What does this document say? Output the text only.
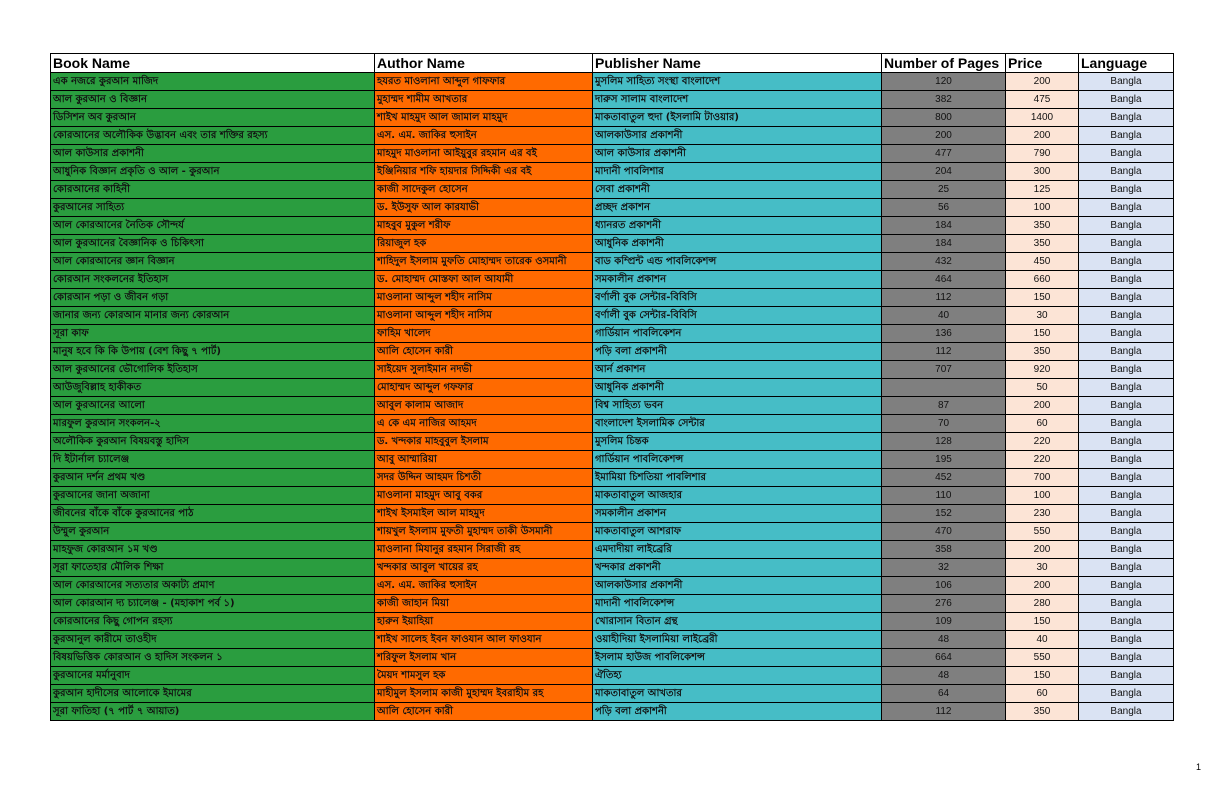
Book Name	Author Name	Publisher Name	Number of Pages	Price	Language
এক নজরে কুরআন মাজিদ	হযরত মাওলানা আব্দুল গাফফার	মুসলিম সাহিত্য সংস্থা বাংলাদেশ	120	200	Bangla
আল কুরআন ও বিজ্ঞান	মুহাম্মদ শামীম আখতার	দারুস সালাম বাংলাদেশ	382	475	Bangla
ডিসিশন অব কুরআন	শাইখ মাহমুদ আল জামাল মাহমুদ	মাকতাবাতুল হুদা (ইসলামি টাওয়ার)	800	1400	Bangla
কোরআনের অলৌকিক উদ্ভাবন এবং তার শক্তির রহস্য	এস. এম. জাকির হুসাইন	আলকাউসার প্রকাশনী	200	200	Bangla
আল কাউসার প্রকাশনী	মাহমুদ মাওলানা আইয়ুবুর রহমান এর বই	আল কাউসার প্রকাশনী	477	790	Bangla
আধুনিক বিজ্ঞান প্রকৃতি ও আল - কুরআন	ইঞ্জিনিয়ার শফি হায়দার সিদ্দিকী এর বই	মাদানী পাবলিশার	204	300	Bangla
কোরআনের কাহিনী	কাজী সাদেকুল হোসেন	সেবা প্রকাশনী	25	125	Bangla
কুরআনের সাহিত্য	ড. ইউসুফ আল কারযাভী	প্রচ্ছদ প্রকাশন	56	100	Bangla
আল কোরআনের নৈতিক সৌন্দর্য	মাহবুব মুকুল শরীফ	ধ্যানরত প্রকাশনী	184	350	Bangla
আল কুরআনের বৈজ্ঞানিক ও চিকিৎসা	রিয়াজুল হক	আধুনিক প্রকাশনী	184	350	Bangla
আল কোরআনের জ্ঞান বিজ্ঞান	শাহিদুল ইসলাম মুফতি মোহাম্মদ তারেক ওসমানী	বাড কম্প্রিন্ট এন্ড পাবলিকেশন্স	432	450	Bangla
কোরআন সংকলনের ইতিহাস	ড. মোহাম্মদ মোস্তফা আল আযামী	সমকালীন প্রকাশন	464	660	Bangla
কোরআন পড়া ও জীবন গড়া	মাওলানা আব্দুল শহীদ নাসিম	বর্ণালী বুক সেন্টার-বিবিসি	112	150	Bangla
জানার জন্য কোরআন মানার জন্য কোরআন	মাওলানা আব্দুল শহীদ নাসিম	বর্ণালী বুক সেন্টার-বিবিসি	40	30	Bangla
সূরা কাফ	ফাহিম খালেদ	গার্ডিয়ান পাবলিকেশন	136	150	Bangla
মানুষ হবে কি কি উপায় (বেশ কিছু ৭ পার্ট)	আলি হোসেন কারী	পড়ি বলা প্রকাশনী	112	350	Bangla
আল কুরআনের ভৌগোলিক ইতিহাস	সাইয়েদ সুলাইমান নদভী	আর্ন প্রকাশন	707	920	Bangla
আউজুবিল্লাহ হাকীকত	মোহাম্মদ আব্দুল গফফার	আধুনিক প্রকাশনী		50	Bangla
আল কুরআনের আলো	আবুল কালাম আজাদ	বিশ্ব সাহিত্য ভবন	87	200	Bangla
মারফুল কুরআন সংকলন-২	এ কে এম নাজির আহমদ	বাংলাদেশ ইসলামিক সেন্টার	70	60	Bangla
অলৌকিক কুরআন বিষয়বস্তু হাদিস	ড. খন্দকার মাহবুবুল ইসলাম	মুসলিম চিন্তক	128	220	Bangla
দি ইটার্নাল চ্যালেঞ্জ	আবু আম্মারিয়া	গার্ডিয়ান পাবলিকেশন্স	195	220	Bangla
কুরআন দর্শন প্রথম খণ্ড	সদর উদ্দিন আহমদ চিশতী	ইমামিয়া চিশতিয়া পাবলিশার	452	700	Bangla
কুরআনের জানা অজানা	মাওলানা মাহমুদ আবু বকর	মাকতাবাতুল আজহার	110	100	Bangla
জীবনের বাঁকে বাঁকে কুরআনের পাঠ	শাইখ ইসমাইল আল মাহমুদ	সমকালীন প্রকাশন	152	230	Bangla
উম্মুল কুরআন	শায়খুল ইসলাম মুফতী মুহাম্মদ তাকী উসমানী	মাকতাবাতুল আশরাফ	470	550	Bangla
মাহফুজ কোরআন ১ম খণ্ড	মাওলানা মিযানুর রহমান সিরাজী রহ	এমদাদীয়া লাইব্রেরি	358	200	Bangla
সূরা ফাতেহার মৌলিক শিক্ষা	খন্দকার আবুল খায়ের রহ	খন্দকার প্রকাশনী	32	30	Bangla
আল কোরআনের সত্যতার অকাট্য প্রমাণ	এস. এম. জাকির হুসাইন	আলকাউসার প্রকাশনী	106	200	Bangla
আল কোরআন দ্য চ্যালেঞ্জ - (মহাকাশ পর্ব ১)	কাজী জাহান মিয়া	মাদানী পাবলিকেশন্স	276	280	Bangla
কোরআনের কিছু গোপন রহস্য	হারুন ইয়াহিয়া	খোরাসান বিতান গ্রন্থ	109	150	Bangla
কুরআনুল কারীমে তাওহীদ	শাইখ সালেহ ইবন ফাওযান আল ফাওযান	ওয়াহীদিয়া ইসলামিয়া লাইব্রেরী	48	40	Bangla
বিষয়ভিত্তিক কোরআন ও হাদিস সংকলন ১	শরিফুল ইসলাম খান	ইসলাম হাউজ পাবলিকেশন্স	664	550	Bangla
কুরআনের মর্মানুবাদ	মৈয়দ শামসুল হক	ঐতিহ্য	48	150	Bangla
কুরআন হাদীসের আলোকে ইমামের	মাহীমুল ইসলাম কাজী মুহাম্মদ ইবরাহীম রহ	মাকতাবাতুল আখতার	64	60	Bangla
সূরা ফাতিহা (৭ পার্ট ৭ আয়াত)	আলি হোসেন কারী	পড়ি বলা প্রকাশনী	112	350	Bangla
1
